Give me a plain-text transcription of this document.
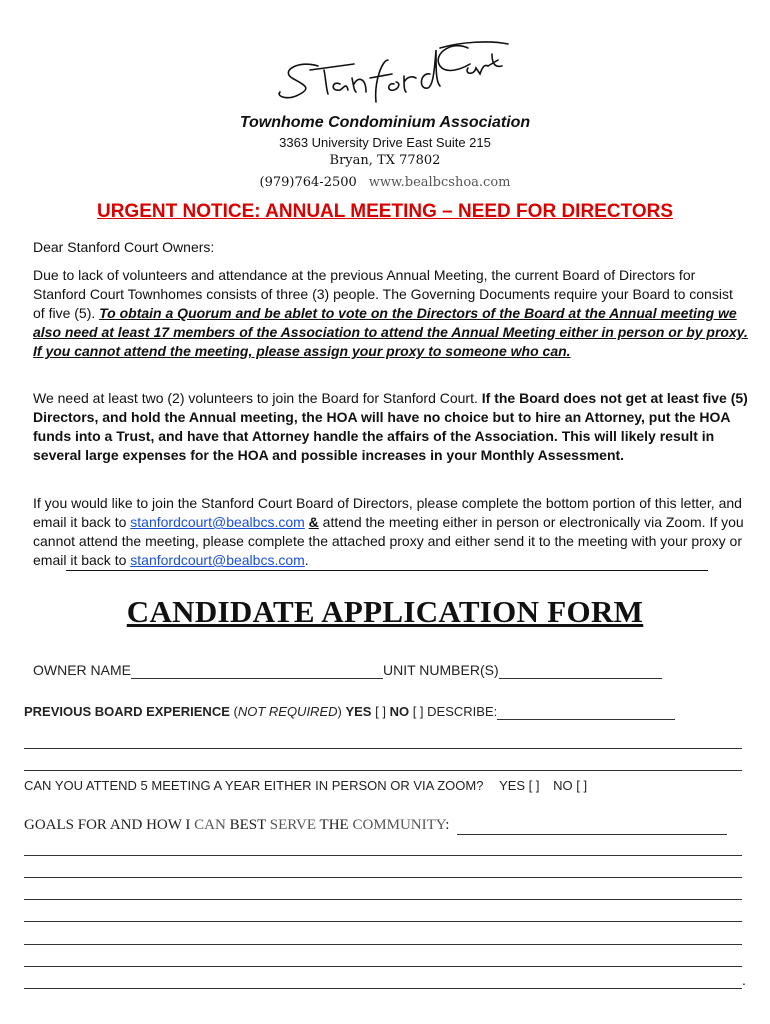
Townhome Condominium Association
3363 University Drive East Suite 215
Bryan, TX 77802
(979)764-2500 www.bealbcshoa.com
URGENT NOTICE: ANNUAL MEETING – NEED FOR DIRECTORS
Dear Stanford Court Owners:
Due to lack of volunteers and attendance at the previous Annual Meeting, the current Board of Directors for Stanford Court Townhomes consists of three (3) people. The Governing Documents require your Board to consist of five (5). To obtain a Quorum and be ablet to vote on the Directors of the Board at the Annual meeting we also need at least 17 members of the Association to attend the Annual Meeting either in person or by proxy. If you cannot attend the meeting, please assign your proxy to someone who can.
We need at least two (2) volunteers to join the Board for Stanford Court. If the Board does not get at least five (5) Directors, and hold the Annual meeting, the HOA will have no choice but to hire an Attorney, put the HOA funds into a Trust, and have that Attorney handle the affairs of the Association. This will likely result in several large expenses for the HOA and possible increases in your Monthly Assessment.
If you would like to join the Stanford Court Board of Directors, please complete the bottom portion of this letter, and email it back to stanfordcourt@bealbcs.com & attend the meeting either in person or electronically via Zoom. If you cannot attend the meeting, please complete the attached proxy and either send it to the meeting with your proxy or email it back to stanfordcourt@bealbcs.com.
CANDIDATE APPLICATION FORM
OWNER NAME	UNIT NUMBER(S)
PREVIOUS BOARD EXPERIENCE (NOT REQUIRED) YES [ ] NO [ ] DESCRIBE:
CAN YOU ATTEND 5 MEETING A YEAR EITHER IN PERSON OR VIA ZOOM? YES [ ] NO [ ]
GOALS FOR AND HOW I CAN BEST SERVE THE COMMUNITY:
.
